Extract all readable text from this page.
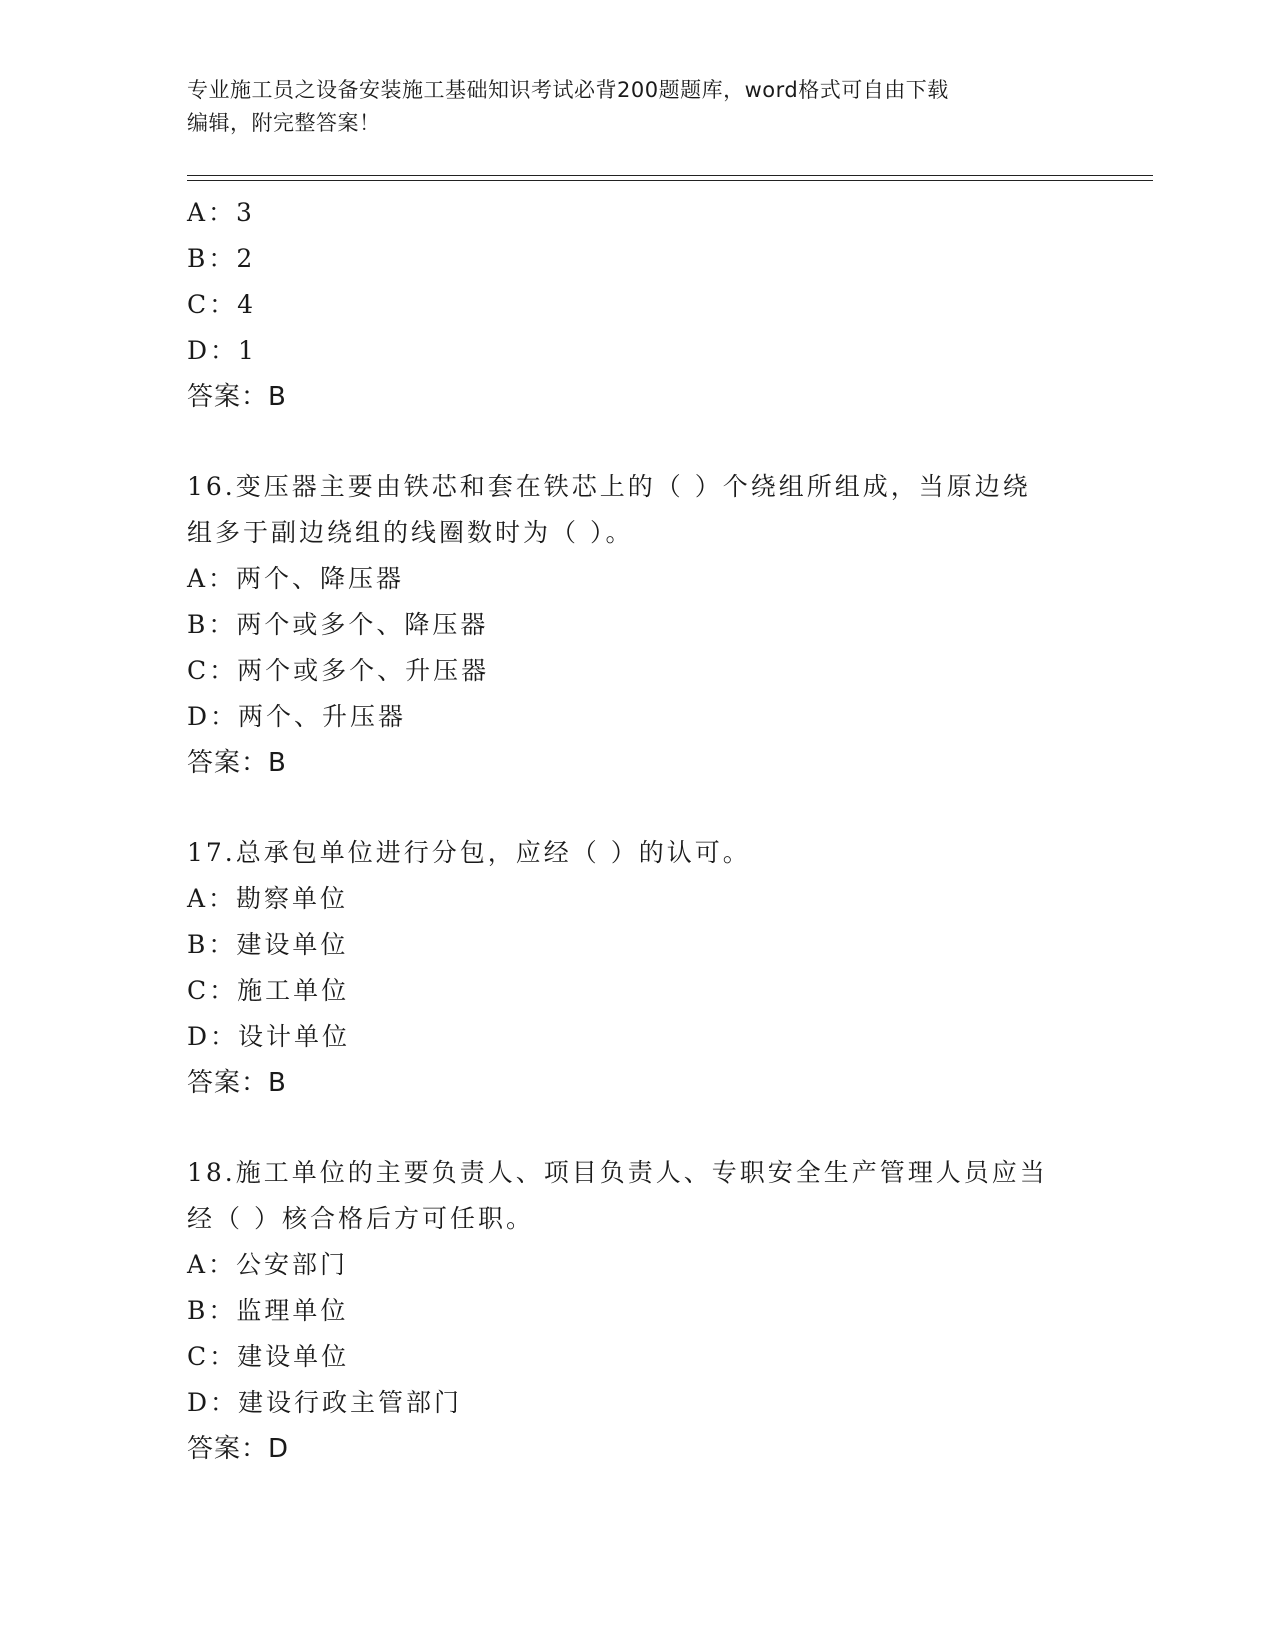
专业施工员之设备安装施工基础知识考试必背200题题库，word格式可自由下载
编辑，附完整答案！
A：3
B：2
C：4
D：1
答案：B
16.变压器主要由铁芯和套在铁芯上的（ ）个绕组所组成，当原边绕
组多于副边绕组的线圈数时为（ ）。
A：两个、降压器
B：两个或多个、降压器
C：两个或多个、升压器
D：两个、升压器
答案：B
17.总承包单位进行分包，应经（ ）的认可。
A：勘察单位
B：建设单位
C：施工单位
D：设计单位
答案：B
18.施工单位的主要负责人、项目负责人、专职安全生产管理人员应当
经（ ）核合格后方可任职。
A：公安部门
B：监理单位
C：建设单位
D：建设行政主管部门
答案：D
